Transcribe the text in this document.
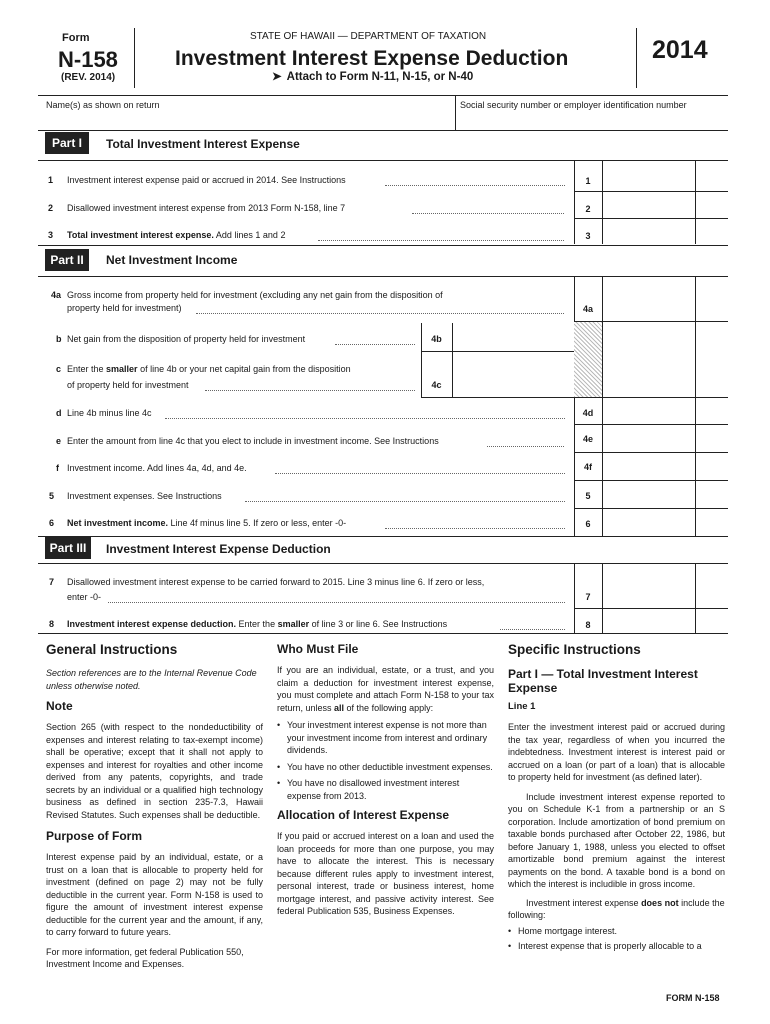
Form
N-158
(REV. 2014)
STATE OF HAWAII — DEPARTMENT OF TAXATION
Investment Interest Expense Deduction
➤ Attach to Form N-11, N-15, or N-40
2014
Name(s) as shown on return	Social security number or employer identification number
Part I	Total Investment Interest Expense
1 Investment interest expense paid or accrued in 2014. See Instructions	1
2 Disallowed investment interest expense from 2013 Form N-158, line 7	2
3 Total investment interest expense. Add lines 1 and 2	3
Part II	Net Investment Income
4a Gross income from property held for investment (excluding any net gain from the disposition of
property held for investment)	4a
b Net gain from the disposition of property held for investment	4b
c Enter the smaller of line 4b or your net capital gain from the disposition
of property held for investment	4c
d Line 4b minus line 4c	4d
e Enter the amount from line 4c that you elect to include in investment income. See Instructions	4e
f Investment income. Add lines 4a, 4d, and 4e.	4f
5 Investment expenses. See Instructions	5
6 Net investment income. Line 4f minus line 5. If zero or less, enter -0-	6
Part III	Investment Interest Expense Deduction
7 Disallowed investment interest expense to be carried forward to 2015. Line 3 minus line 6. If zero or less,
enter -0-	7
8 Investment interest expense deduction. Enter the smaller of line 3 or line 6. See Instructions	8
General Instructions
Section references are to the Internal Revenue Code unless otherwise noted.
Note
Section 265 (with respect to the nondeductibility of expenses and interest relating to tax-exempt income) shall be operative; except that it shall not apply to expenses and interest for royalties and other income derived from any patents, copyrights, and trade secrets by an individual or a qualified high technology business as defined in section 235-7.3, Hawaii Revised Statutes. Such expenses shall be deductible.
Purpose of Form
Interest expense paid by an individual, estate, or a trust on a loan that is allocable to property held for investment (defined on page 2) may not be fully deductible in the current year. Form N-158 is used to figure the amount of investment interest expense deductible for the current year and the amount, if any, to carry forward to future years.
For more information, get federal Publication 550, Investment Income and Expenses.
Who Must File
If you are an individual, estate, or a trust, and you claim a deduction for investment interest expense, you must complete and attach Form N-158 to your tax return, unless all of the following apply:
• Your investment interest expense is not more than your investment income from interest and ordinary dividends.
• You have no other deductible investment expenses.
• You have no disallowed investment interest expense from 2013.
Allocation of Interest Expense
If you paid or accrued interest on a loan and used the loan proceeds for more than one purpose, you may have to allocate the interest. This is necessary because different rules apply to investment interest, personal interest, trade or business interest, home mortgage interest, and passive activity interest. See federal Publication 535, Business Expenses.
Specific Instructions
Part I — Total Investment Interest Expense
Line 1
Enter the investment interest paid or accrued during the tax year, regardless of when you incurred the indebtedness. Investment interest is interest paid or accrued on a loan (or part of a loan) that is allocable to property held for investment (as defined later).
Include investment interest expense reported to you on Schedule K-1 from a partnership or an S corporation. Include amortization of bond premium on taxable bonds purchased after October 22, 1986, but before January 1, 1988, unless you elected to offset amortizable bond premium against the interest payments on the bond. A taxable bond is a bond on which the interest is includible in gross income.
Investment interest expense does not include the following:
• Home mortgage interest.
• Interest expense that is properly allocable to a
FORM N-158
